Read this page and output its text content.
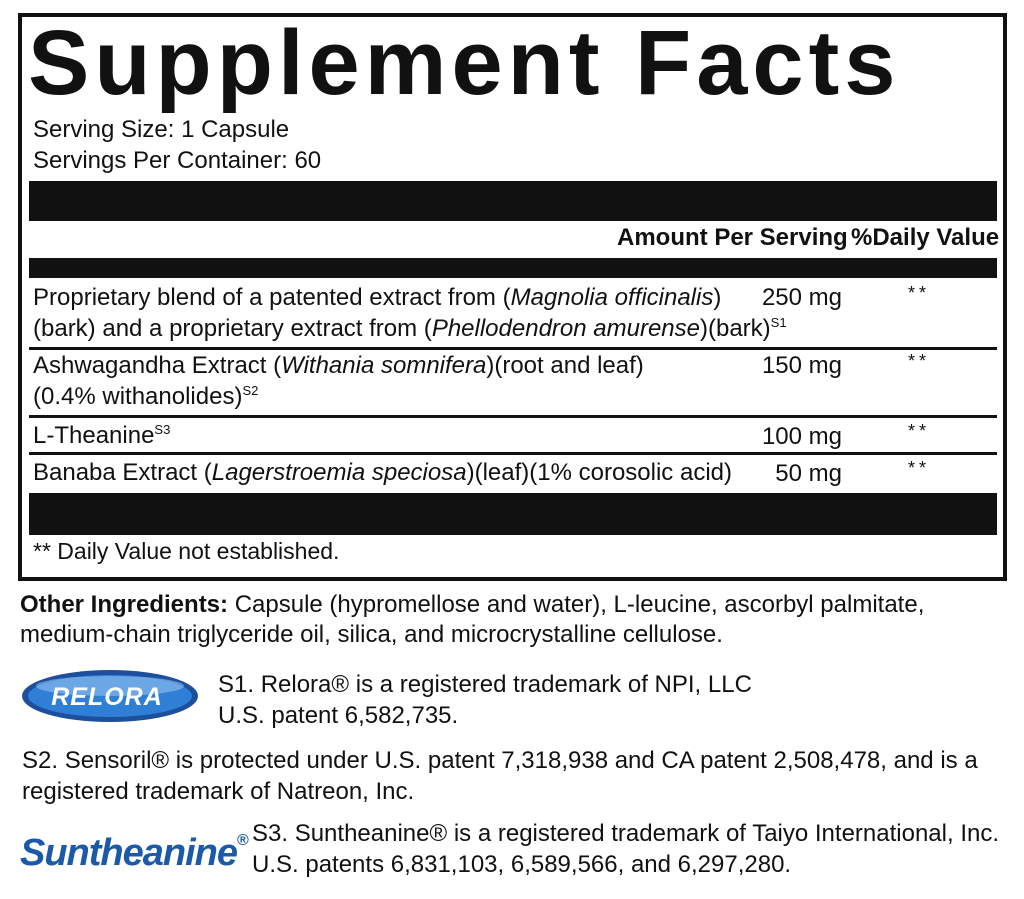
Supplement Facts
Serving Size: 1 Capsule
Servings Per Container: 60
Amount Per Serving %Daily Value
Proprietary blend of a patented extract from (Magnolia officinalis)
(bark) and a proprietary extract from (Phellodendron amurense)(bark)$^{S1}$
250 mg	**
Ashwagandha Extract (Withania somnifera)(root and leaf)
(0.4% withanolides)$^{S2}$
150 mg	**
L-Theanine$^{S3}$	100 mg	**
Banaba Extract (Lagerstroemia speciosa)(leaf)(1% corosolic acid)	50 mg	**
** Daily Value not established.
Other Ingredients: Capsule (hypromellose and water), L-leucine, ascorbyl palmitate, medium-chain triglyceride oil, silica, and microcrystalline cellulose.
RELORA S1. Relora® is a registered trademark of NPI, LLC
U.S. patent 6,582,735.
S2. Sensoril® is protected under U.S. patent 7,318,938 and CA patent 2,508,478, and is a
registered trademark of Natreon, Inc.
Suntheanine® S3. Suntheanine® is a registered trademark of Taiyo International, Inc.
U.S. patents 6,831,103, 6,589,566, and 6,297,280.
